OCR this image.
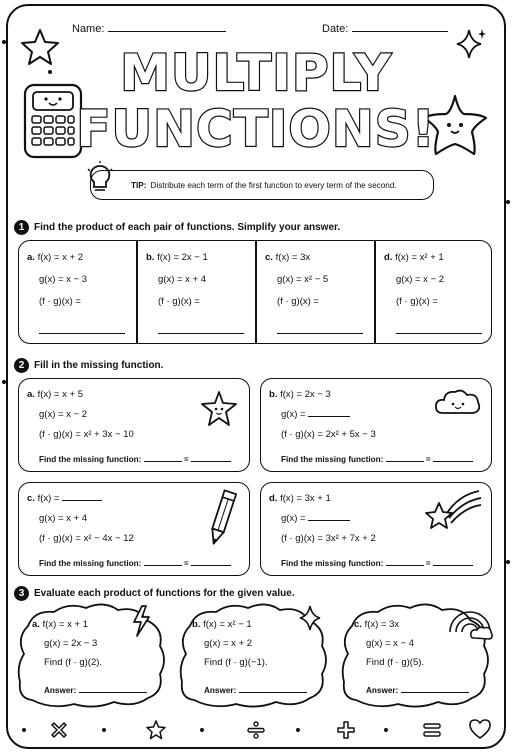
Name:	Date:
MULTIPLY
FUNCTIONS!
TIP: Distribute each term of the first function to every term of the second.
1 Find the product of each pair of functions. Simplify your answer.
a. f(x) = x + 2
g(x) = x − 3
(f · g)(x) =
b. f(x) = 2x − 1
g(x) = x + 4
(f · g)(x) =
c. f(x) = 3x
g(x) = x² − 5
(f · g)(x) =
d. f(x) = x² + 1
g(x) = x − 2
(f · g)(x) =
2 Fill in the missing function.
a. f(x) = x + 5
g(x) = x − 2
(f · g)(x) = x² + 3x − 10
Find the missing function:	=
b. f(x) = 2x − 3
g(x) =
(f · g)(x) = 2x² + 5x − 3
Find the missing function:	=
c. f(x) =
g(x) = x + 4
(f · g)(x) = x² − 4x − 12
Find the missing function:	=
d. f(x) = 3x + 1
g(x) =
(f · g)(x) = 3x² + 7x + 2
Find the missing function:	=
3 Evaluate each product of functions for the given value.
a. f(x) = x + 1
g(x) = 2x − 3
Find (f · g)(2).
Answer:
b. f(x) = x² − 1
g(x) = x + 2
Find (f · g)(−1).
Answer:
c. f(x) = 3x
g(x) = x − 4
Find (f · g)(5).
Answer:
